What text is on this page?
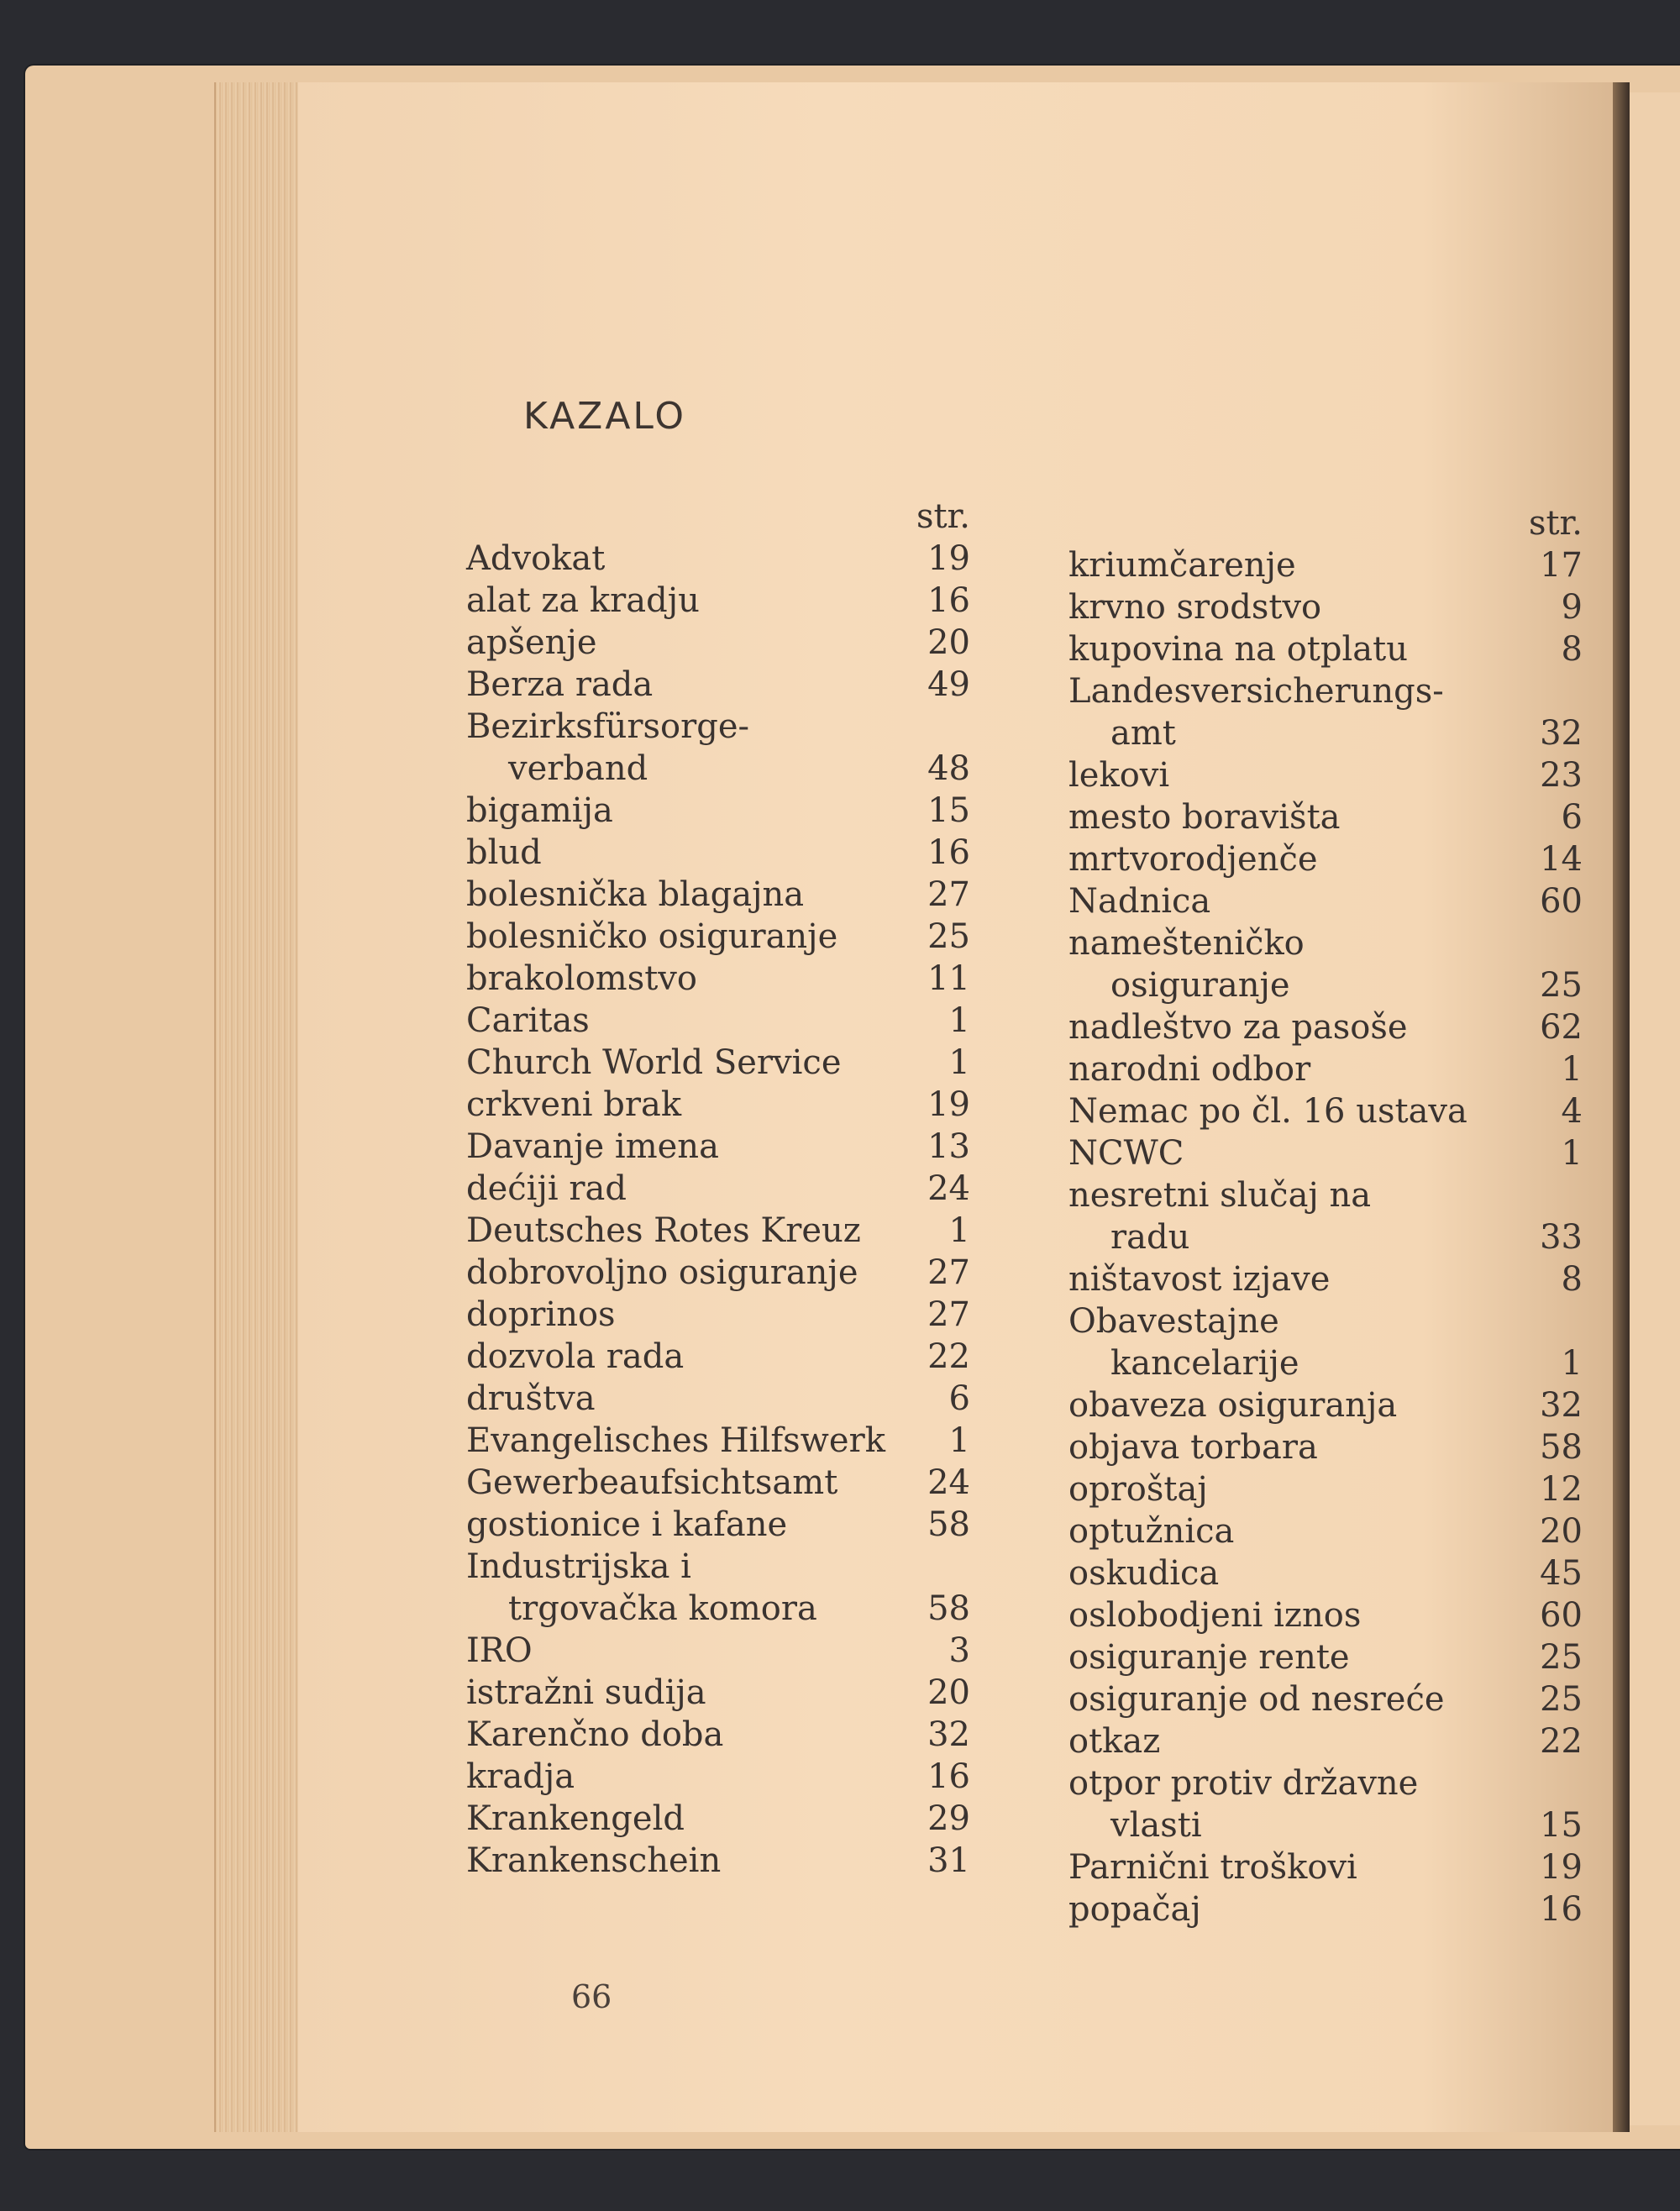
KAZALO
str.
Advokat	19
alat za kradju	16
apšenje	20
Berza rada	49
Bezirksfürsorge-
verband	48
bigamija	15
blud	16
bolesnička blagajna	27
bolesničko osiguranje	25
brakolomstvo	11
Caritas	1
Church World Service	1
crkveni brak	19
Davanje imena	13
dećiji rad	24
Deutsches Rotes Kreuz	1
dobrovoljno osiguranje	27
doprinos	27
dozvola rada	22
društva	6
Evangelisches Hilfswerk	1
Gewerbeaufsichtsamt	24
gostionice i kafane	58
Industrijska i
trgovačka komora	58
IRO	3
istražni sudija	20
Karenčno doba	32
kradja	16
Krankengeld	29
Krankenschein	31
str.
kriumčarenje	17
krvno srodstvo	9
kupovina na otplatu	8
Landesversicherungs-
amt	32
lekovi	23
mesto boravišta	6
mrtvorodjenče	14
Nadnica	60
namešteničko
osiguranje	25
nadleštvo za pasoše	62
narodni odbor	1
Nemac po čl. 16 ustava	4
NCWC	1
nesretni slučaj na
radu	33
ništavost izjave	8
Obavestajne
kancelarije	1
obaveza osiguranja	32
objava torbara	58
oproštaj	12
optužnica	20
oskudica	45
oslobodjeni iznos	60
osiguranje rente	25
osiguranje od nesreće	25
otkaz	22
otpor protiv državne
vlasti	15
Parnični troškovi	19
popačaj	16
66
